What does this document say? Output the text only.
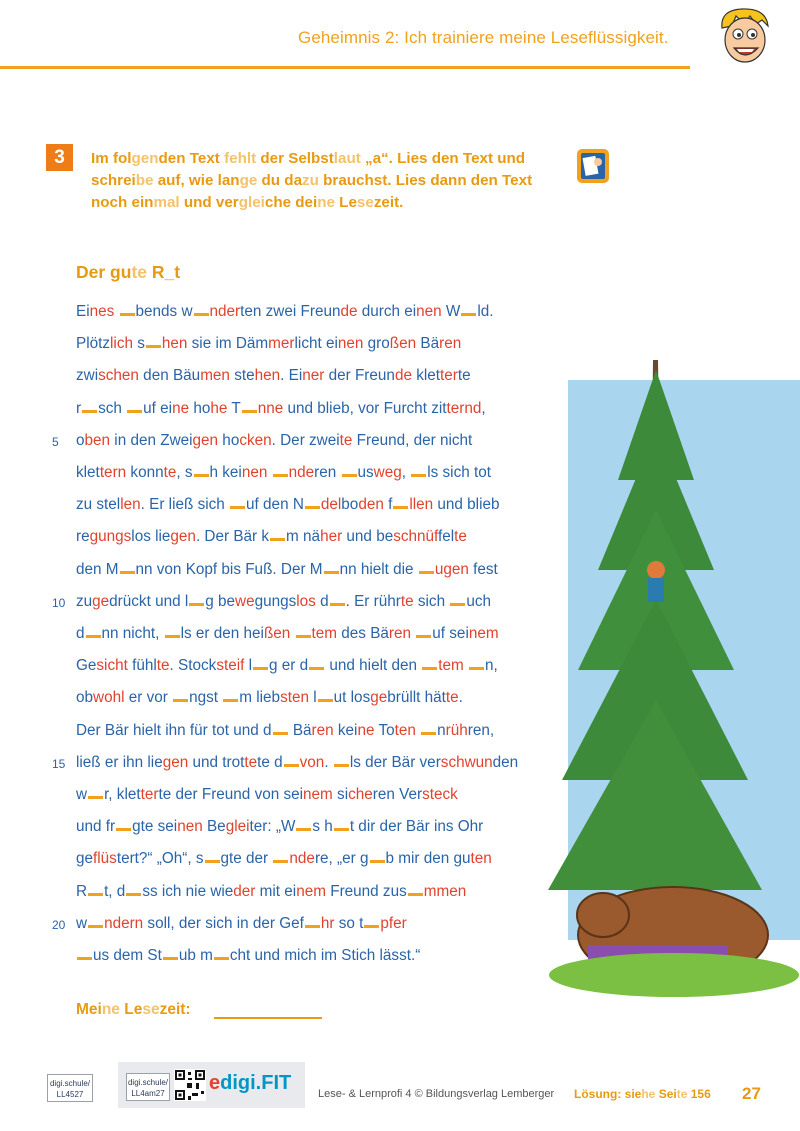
Geheimnis 2: Ich trainiere meine Leseflüssigkeit.
3	Im folgenden Text fehlt der Selbstlaut „a“. Lies den Text und schreibe auf, wie lange du dazu brauchst. Lies dann den Text noch einmal und vergleiche deine Lesezeit.
Der gute R_t
Eines bends w nderten zwei Freunde durch einen W ld.
Plötzlich s hen sie im Dämmerlicht einen großen Bären
zwischen den Bäumen stehen. Einer der Freunde kletterte
r sch uf eine hohe T nne und blieb, vor Furcht zitternd,
oben in den Zweigen hocken. Der zweite Freund, der nicht
klettern konnte, s h keinen nderen usweg, ls sich tot
zu stellen. Er ließ sich uf den N delboden f llen und blieb
regungslos liegen. Der Bär k m näher und beschnüffelte
den M nn von Kopf bis Fuß. Der M nn hielt die ugen fest
zugedrückt und l g bewegungslos d . Er rührte sich uch
d nn nicht, ls er den heißen tem des Bären uf seinem
Gesicht fühlte. Stocksteif l g er d und hielt den tem n,
obwohl er vor ngst m liebsten l ut losgebrüllt hätte.
Der Bär hielt ihn für tot und d Bären keine Toten nrühren,
ließ er ihn liegen und trottete d von. ls der Bär verschwunden
w r, kletterte der Freund von seinem sicheren Versteck
und fr gte seinen Begleiter: „W s h t dir der Bär ins Ohr
geflüstert?“ „Oh“, s gte der ndere, „er g b mir den guten
R t, d ss ich nie wieder mit einem Freund zus mmen
w ndern soll, der sich in der Gef hr so t pfer
us dem St ub m cht und mich im Stich lässt.“
5
10
15
20
Meine Lesezeit:
digi.schule/ LL4527
digi.schule/ LL4am27 edigi.FIT Lese- & Lernprofi 4 © Bildungsverlag Lemberger Lösung: siehe Seite 156 27
